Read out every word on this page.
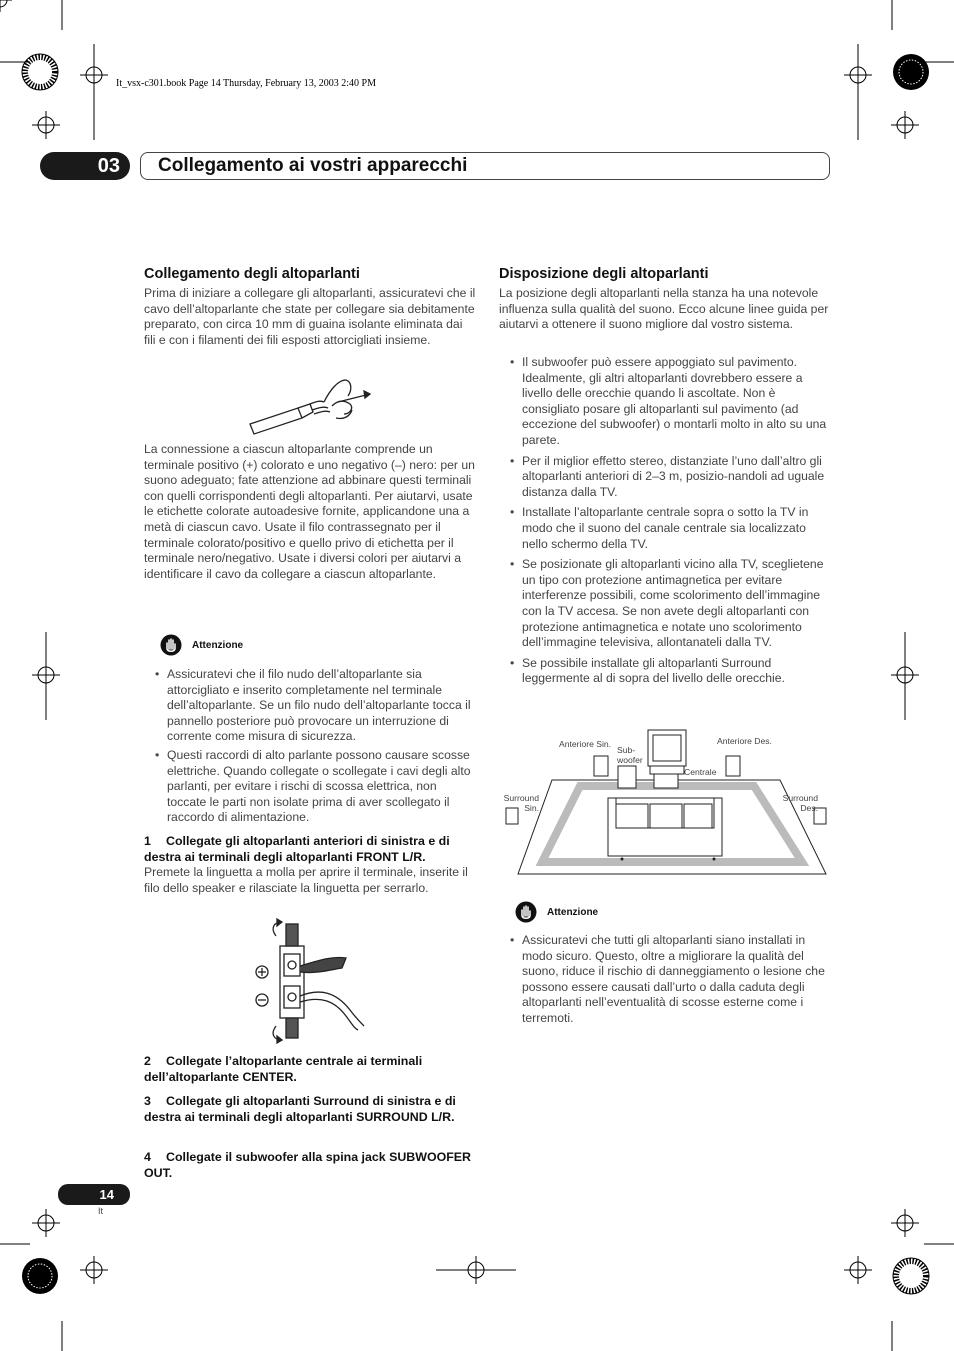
It_vsx-c301.book Page 14 Thursday, February 13, 2003 2:40 PM
03	Collegamento ai vostri apparecchi
Collegamento degli altoparlanti
Prima di iniziare a collegare gli altoparlanti, assicuratevi che il cavo dell’altoparlante che state per collegare sia debitamente preparato, con circa 10 mm di guaina isolante eliminata dai fili e con i filamenti dei fili esposti attorcigliati insieme.
La connessione a ciascun altoparlante comprende un terminale positivo (+) colorato e uno negativo (–) nero: per un suono adeguato; fate attenzione ad abbinare questi terminali con quelli corrispondenti degli altoparlanti. Per aiutarvi, usate le etichette colorate autoadesive fornite, applicandone una a metà di ciascun cavo. Usate il filo contrassegnato per il terminale colorato/positivo e quello privo di etichetta per il terminale nero/negativo. Usate i diversi colori per aiutarvi a identificare il cavo da collegare a ciascun altoparlante.
Attenzione
• Assicuratevi che il filo nudo dell’altoparlante sia attorcigliato e inserito completamente nel terminale dell’altoparlante. Se un filo nudo dell’altoparlante tocca il pannello posteriore può provocare un interruzione di corrente come misura di sicurezza.
• Questi raccordi di alto parlante possono causare scosse elettriche. Quando collegate o scollegate i cavi degli alto parlanti, per evitare i rischi di scossa elettrica, non toccate le parti non isolate prima di aver scollegato il raccordo di alimentazione.
1 Collegate gli altoparlanti anteriori di sinistra e di destra ai terminali degli altoparlanti FRONT L/R.
Premete la linguetta a molla per aprire il terminale, inserite il filo dello speaker e rilasciate la linguetta per serrarlo.
2 Collegate l’altoparlante centrale ai terminali dell’altoparlante CENTER.
3 Collegate gli altoparlanti Surround di sinistra e di destra ai terminali degli altoparlanti SURROUND L/R.
4 Collegate il subwoofer alla spina jack SUBWOOFER OUT.
Disposizione degli altoparlanti
La posizione degli altoparlanti nella stanza ha una notevole influenza sulla qualità del suono. Ecco alcune linee guida per aiutarvi a ottenere il suono migliore dal vostro sistema.
• Il subwoofer può essere appoggiato sul pavimento. Idealmente, gli altri altoparlanti dovrebbero essere a livello delle orecchie quando li ascoltate. Non è consigliato posare gli altoparlanti sul pavimento (ad eccezione del subwoofer) o montarli molto in alto su una parete.
• Per il miglior effetto stereo, distanziate l’uno dall’altro gli altoparlanti anteriori di 2–3 m, posizio-nandoli ad uguale distanza dalla TV.
• Installate l’altoparlante centrale sopra o sotto la TV in modo che il suono del canale centrale sia localizzato nello schermo della TV.
• Se posizionate gli altoparlanti vicino alla TV, sceglietene un tipo con protezione antimagnetica per evitare interferenze possibili, come scolorimento dell’immagine con la TV accesa. Se non avete degli altoparlanti con protezione antimagnetica e notate uno scolorimento dell’immagine televisiva, allontanateli dalla TV.
• Se possibile installate gli altoparlanti Surround leggermente al di sopra del livello delle orecchie.
Anteriore Sin.	Anteriore Des.
Sub-
woofer
Centrale
Surround
Sin.
Surround
Des.
Attenzione
• Assicuratevi che tutti gli altoparlanti siano installati in modo sicuro. Questo, oltre a migliorare la qualità del suono, riduce il rischio di danneggiamento o lesione che possono essere causati dall’urto o dalla caduta degli altoparlanti nell’eventualità di scosse esterne come i terremoti.
14
It
